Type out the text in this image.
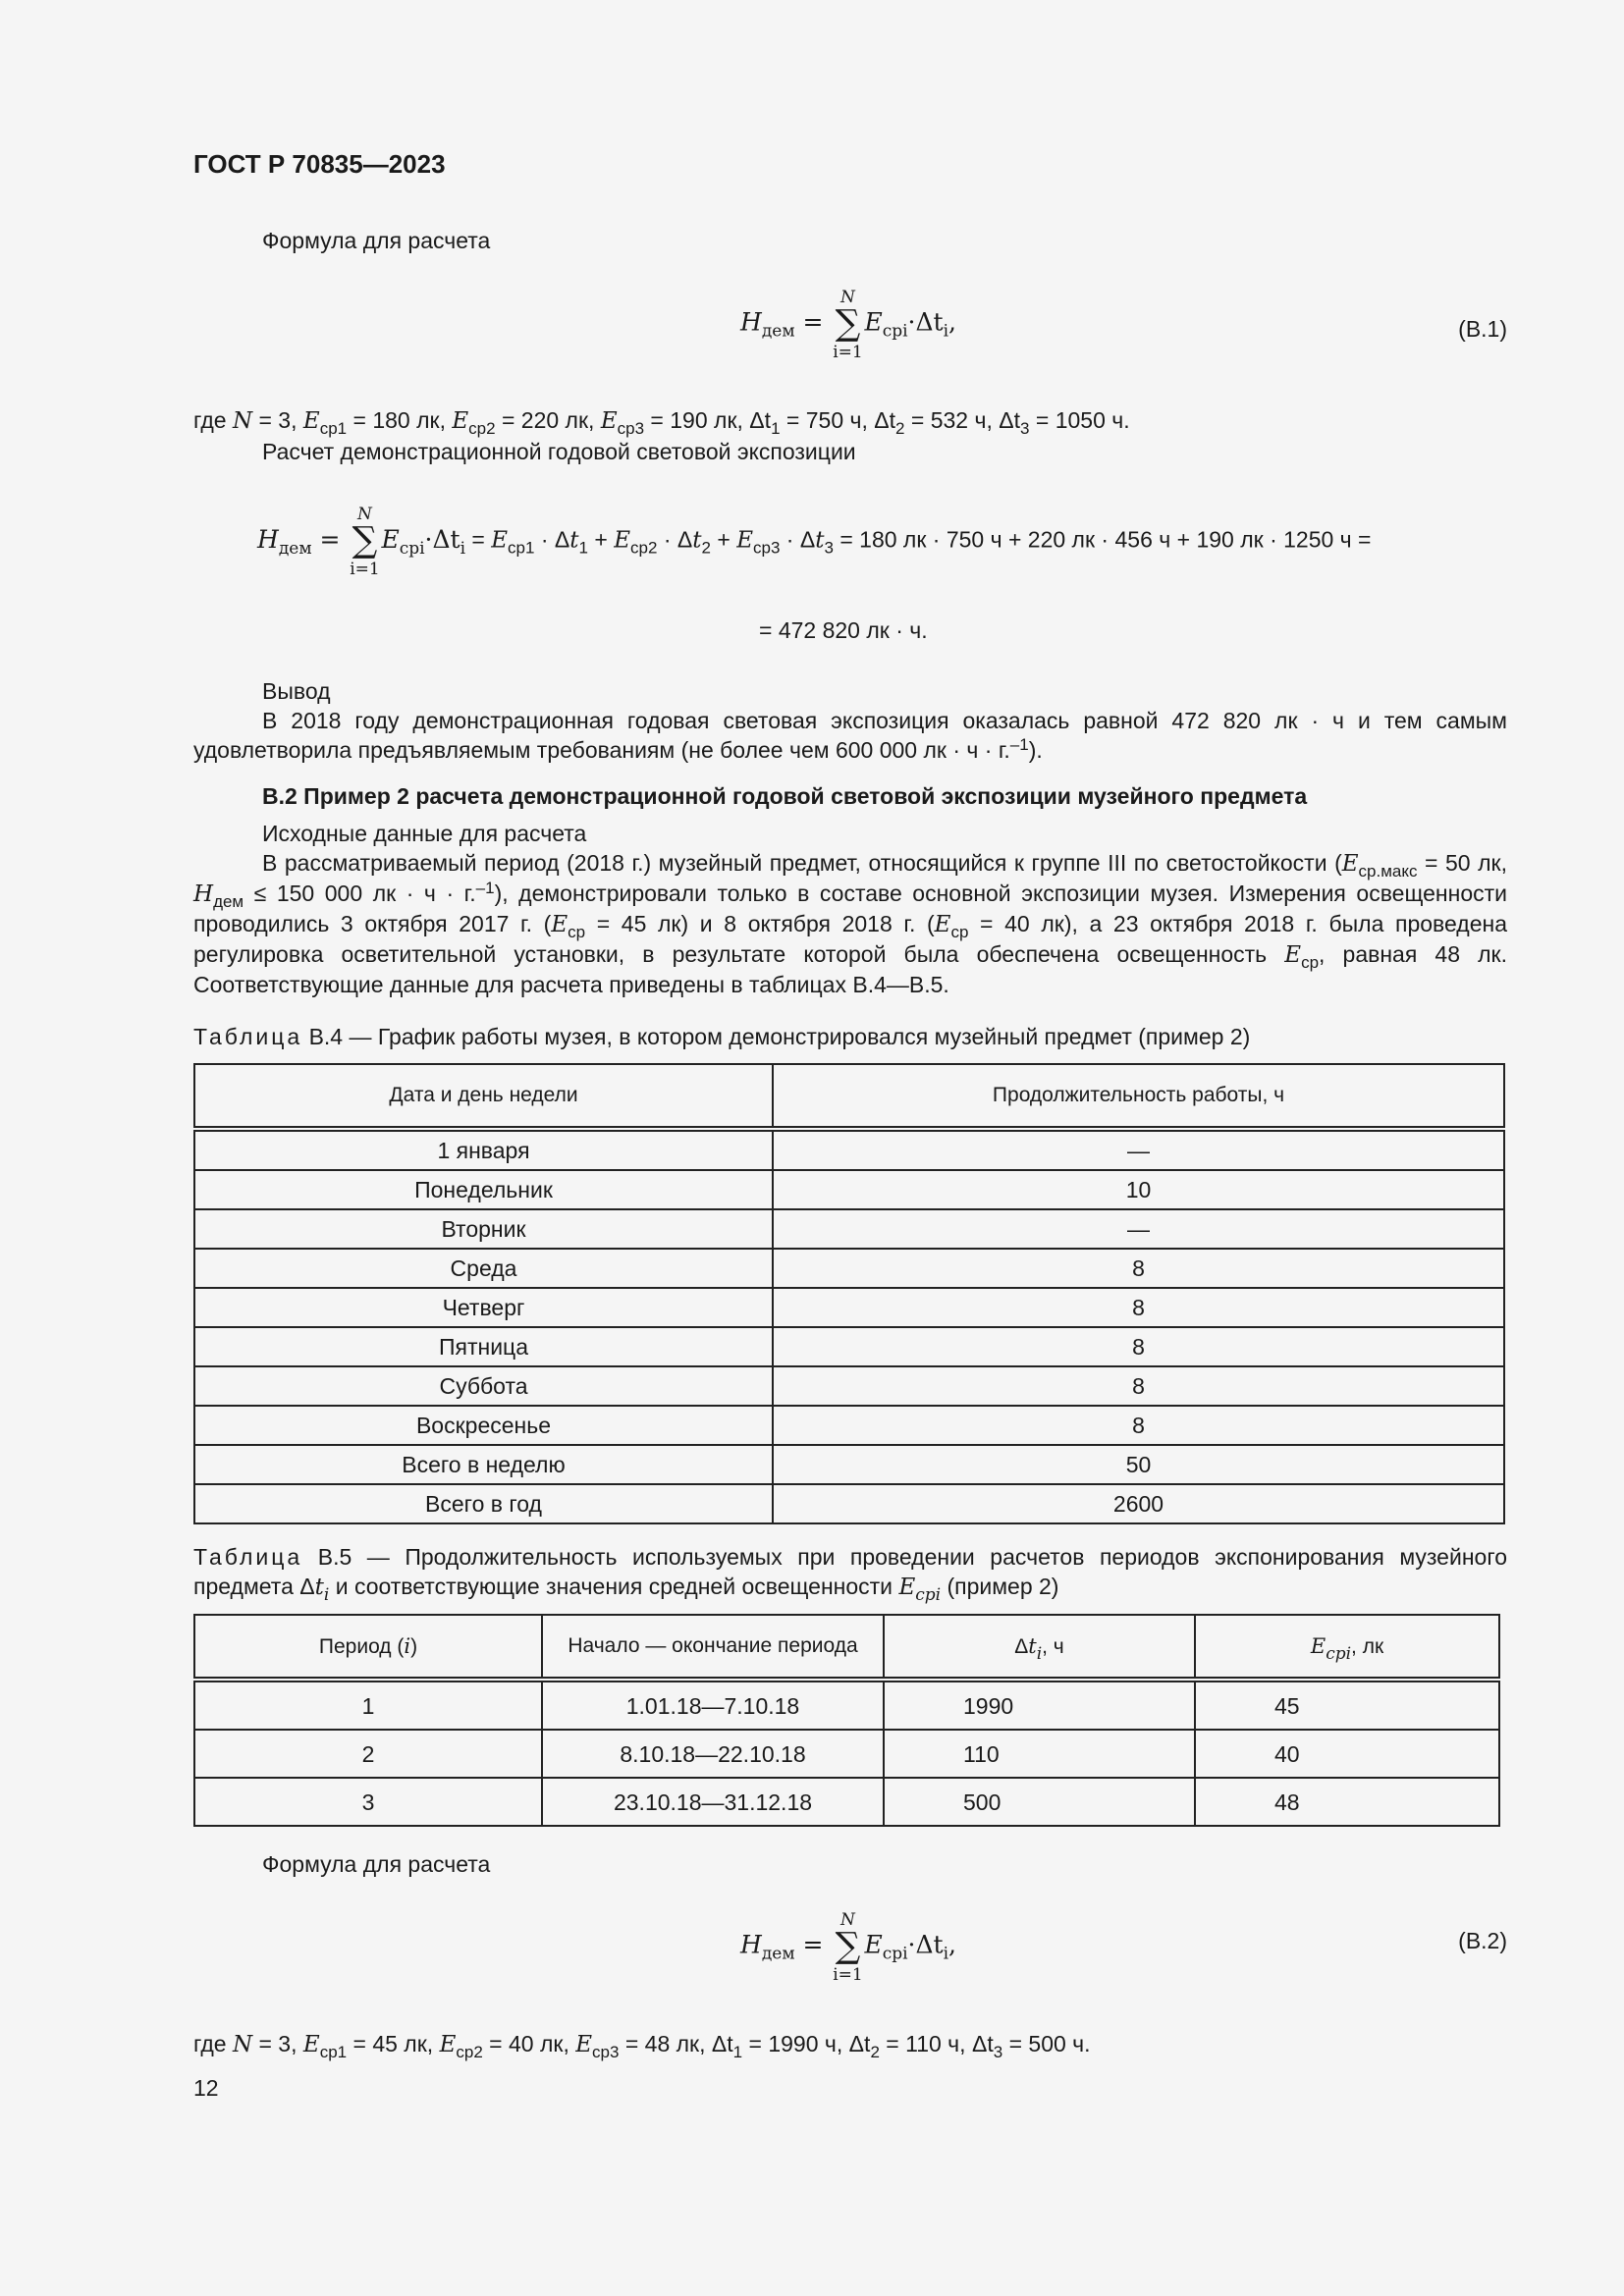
ГОСТ Р 70835—2023
Формула для расчета
$H_{дем}$ =
N
∑
i=1
$E_{срi}\cdot\Delta t_i$,	(В.1)
где N = 3, $E_{ср1} = 180$ лк, $E_{ср2} = 220$ лк, $E_{ср3} = 190$ лк, $\Delta t_1 = 750$ ч, $\Delta t_2 = 532$ ч, $\Delta t_3 = 1050$ ч.
Расчет демонстрационной годовой световой экспозиции
$H_{дем}$ =
N
∑
i=1
$E_{срi}\cdot\Delta t_i = E_{ср1} \cdot \Delta t_1 + E_{ср2} \cdot \Delta t_2 + E_{ср3} \cdot \Delta t_3 = 180$ лк · 750 ч + 220 лк · 456 ч + 190 лк · 1250 ч =
= 472 820 лк · ч.
Вывод
В 2018 году демонстрационная годовая световая экспозиция оказалась равной 472 820 лк · ч и тем самым удовлетворила предъявляемым требованиям (не более чем 600 000 лк · ч · г.$^{-1}$).
В.2 Пример 2 расчета демонстрационной годовой световой экспозиции музейного предмета
Исходные данные для расчета
В рассматриваемый период (2018 г.) музейный предмет, относящийся к группе III по светостойкости ($E_{ср.макс} = 50$ лк, $H_{дем} \le 150$ 000 лк · ч · г.$^{-1}$), демонстрировали только в составе основной экспозиции музея. Измерения освещенности проводились 3 октября 2017 г. ($E_{ср} = 45$ лк) и 8 октября 2018 г. ($E_{ср} = 40$ лк), а 23 октября 2018 г. была проведена регулировка осветительной установки, в результате которой была обеспечена освещенность $E_{ср}$, равная 48 лк. Соответствующие данные для расчета приведены в таблицах В.4—В.5.
Таблица В.4 — График работы музея, в котором демонстрировался музейный предмет (пример 2)
Дата и день недели	Продолжительность работы, ч
1 января	—
Понедельник	10
Вторник	—
Среда	8
Четверг	8
Пятница	8
Суббота	8
Воскресенье	8
Всего в неделю	50
Всего в год	2600
Таблица В.5 — Продолжительность используемых при проведении расчетов периодов экспонирования музейного предмета $\Delta t_i$ и соответствующие значения средней освещенности $E_{срi}$ (пример 2)
Период (i)	Начало — окончание периода	$\Delta t_i$, ч	$E_{срi}$, лк
1	1.01.18—7.10.18	1990	45
2	8.10.18—22.10.18	110	40
3	23.10.18—31.12.18	500	48
Формула для расчета
$H_{дем}$ =
N
∑
i=1
$E_{срi}\cdot\Delta t_i$,	(В.2)
где N = 3, $E_{ср1} = 45$ лк, $E_{ср2} = 40$ лк, $E_{ср3} = 48$ лк, $\Delta t_1 = 1990$ ч, $\Delta t_2 = 110$ ч, $\Delta t_3 = 500$ ч.
12
